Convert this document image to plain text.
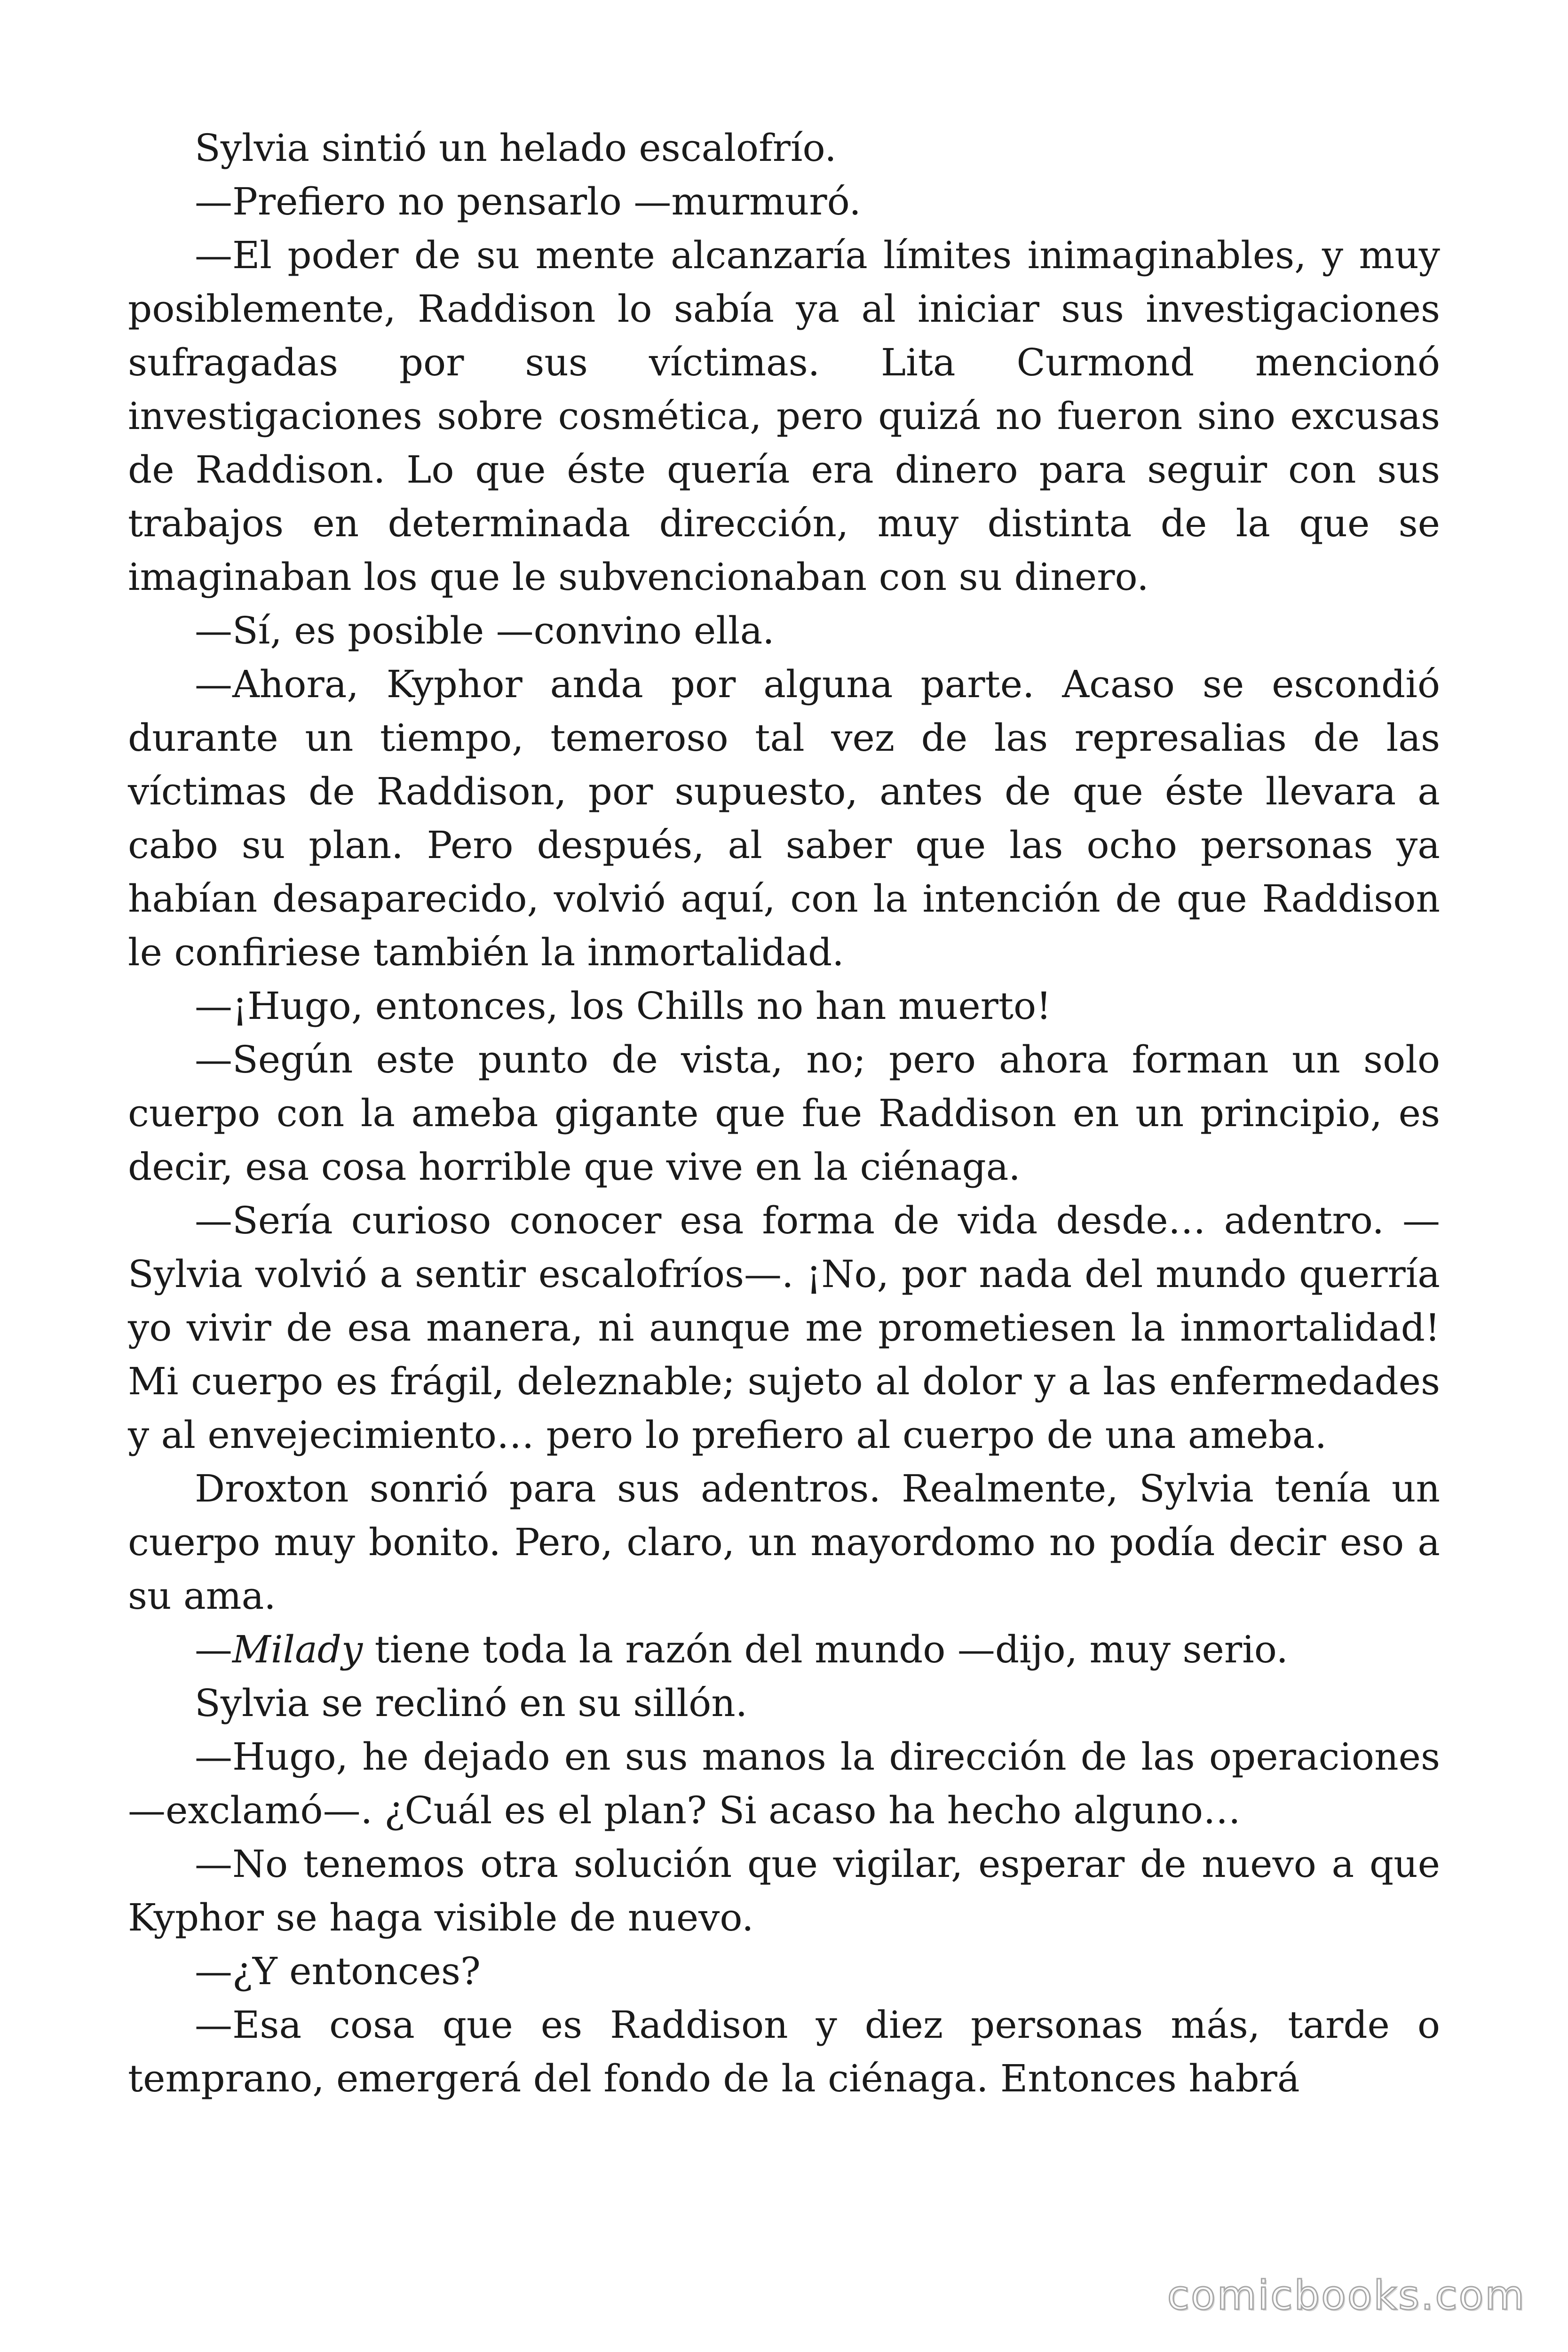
Sylvia sintió un helado escalofrío.

—Prefiero no pensarlo —murmuró.

—El poder de su mente alcanzaría límites inimaginables, y muy posiblemente, Raddison lo sabía ya al iniciar sus investigaciones sufragadas por sus víctimas. Lita Curmond mencionó investigaciones sobre cosmética, pero quizá no fueron sino excusas de Raddison. Lo que éste quería era dinero para seguir con sus trabajos en determinada dirección, muy distinta de la que se imaginaban los que le subvencionaban con su dinero.

—Sí, es posible —convino ella.

—Ahora, Kyphor anda por alguna parte. Acaso se escondió durante un tiempo, temeroso tal vez de las represalias de las víctimas de Raddison, por supuesto, antes de que éste llevara a cabo su plan. Pero después, al saber que las ocho personas ya habían desaparecido, volvió aquí, con la intención de que Raddison le confiriese también la inmortalidad.

—¡Hugo, entonces, los Chills no han muerto!

—Según este punto de vista, no; pero ahora forman un solo cuerpo con la ameba gigante que fue Raddison en un principio, es decir, esa cosa horrible que vive en la ciénaga.

—Sería curioso conocer esa forma de vida desde… adentro. —Sylvia volvió a sentir escalofríos—. ¡No, por nada del mundo querría yo vivir de esa manera, ni aunque me prometiesen la inmortalidad! Mi cuerpo es frágil, deleznable; sujeto al dolor y a las enfermedades y al envejecimiento… pero lo prefiero al cuerpo de una ameba.

Droxton sonrió para sus adentros. Realmente, Sylvia tenía un cuerpo muy bonito. Pero, claro, un mayordomo no podía decir eso a su ama.

—Milady tiene toda la razón del mundo —dijo, muy serio.

Sylvia se reclinó en su sillón.

—Hugo, he dejado en sus manos la dirección de las operaciones —exclamó—. ¿Cuál es el plan? Si acaso ha hecho alguno…

—No tenemos otra solución que vigilar, esperar de nuevo a que Kyphor se haga visible de nuevo.

—¿Y entonces?

—Esa cosa que es Raddison y diez personas más, tarde o temprano, emergerá del fondo de la ciénaga. Entonces habrá

comicbooks.com
